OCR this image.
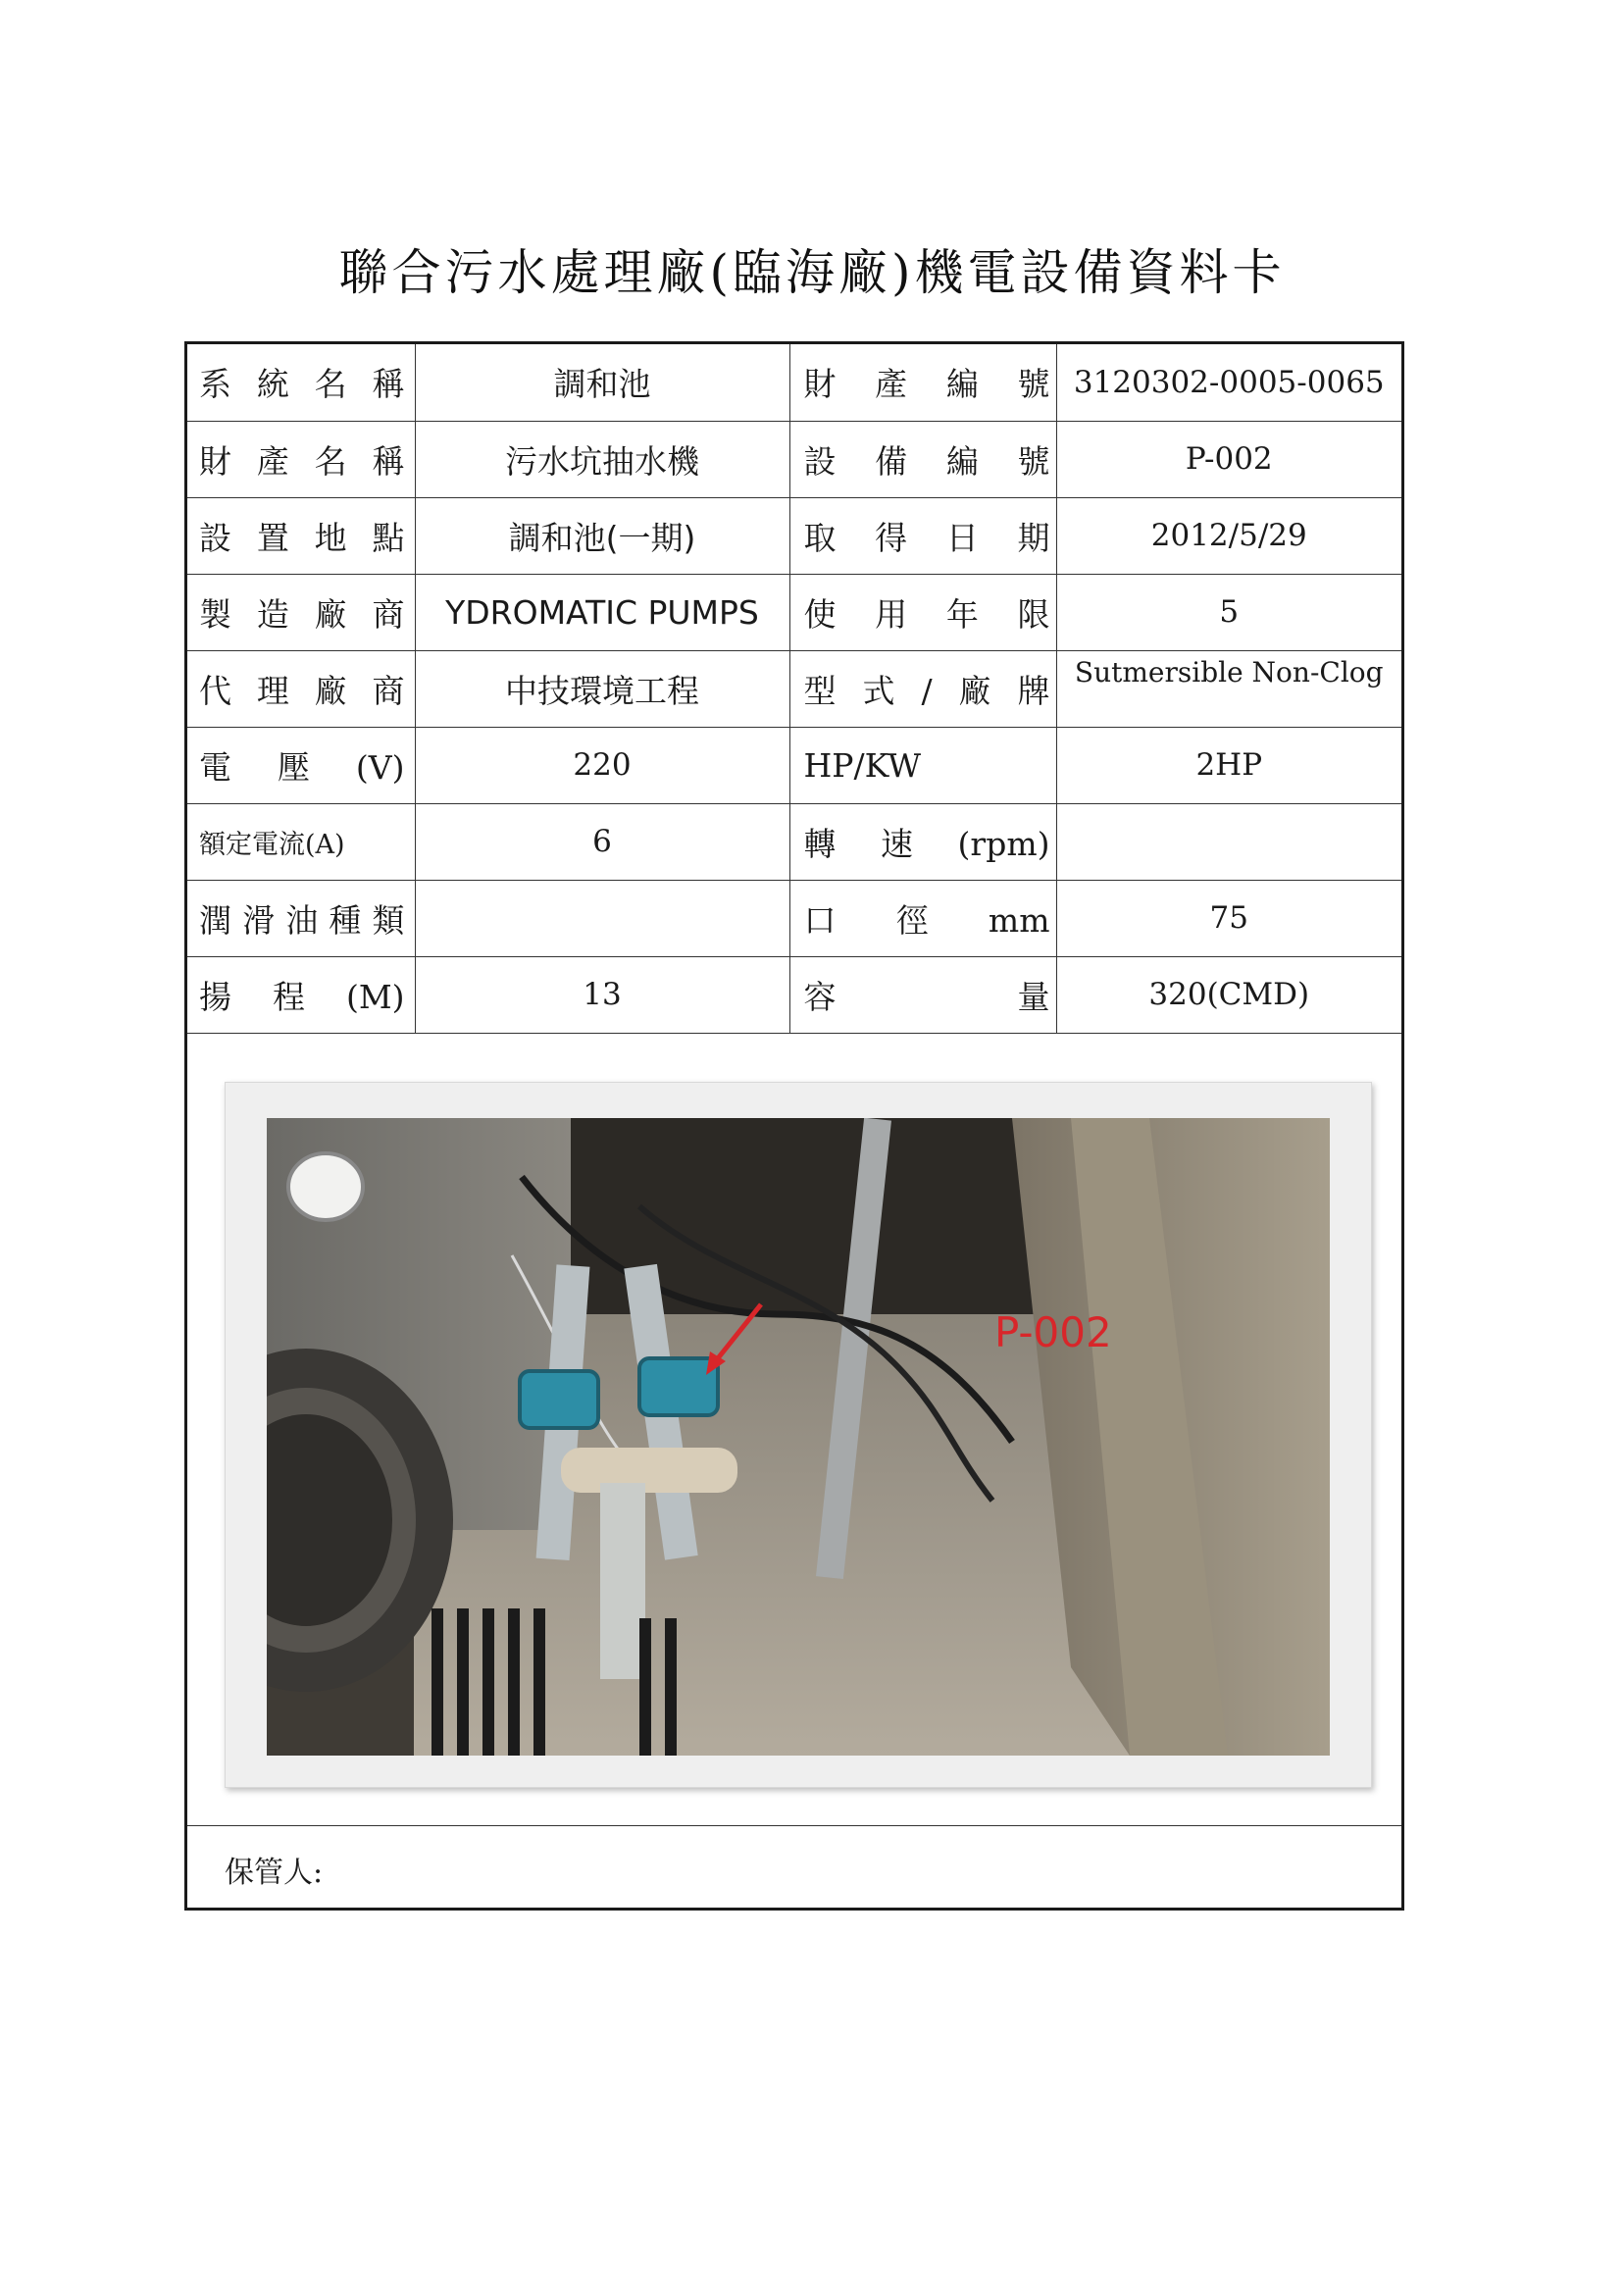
聯合污水處理廠(臨海廠)機電設備資料卡
系統名稱	調和池	財產編號	3120302-0005-0065
財產名稱	污水坑抽水機	設備編號	P-002
設置地點	調和池(一期)	取得日期	2012/5/29
製造廠商	YDROMATIC PUMPS	使用年限	5
代理廠商	中技環境工程	型式/廠牌	Sutmersible Non-Clog
電壓(V)	220	HP/KW	2HP
額定電流(A)	6	轉速(rpm)	
潤滑油種類		口徑mm	75
揚程(M)	13	容量	320(CMD)
P-002
保管人:
